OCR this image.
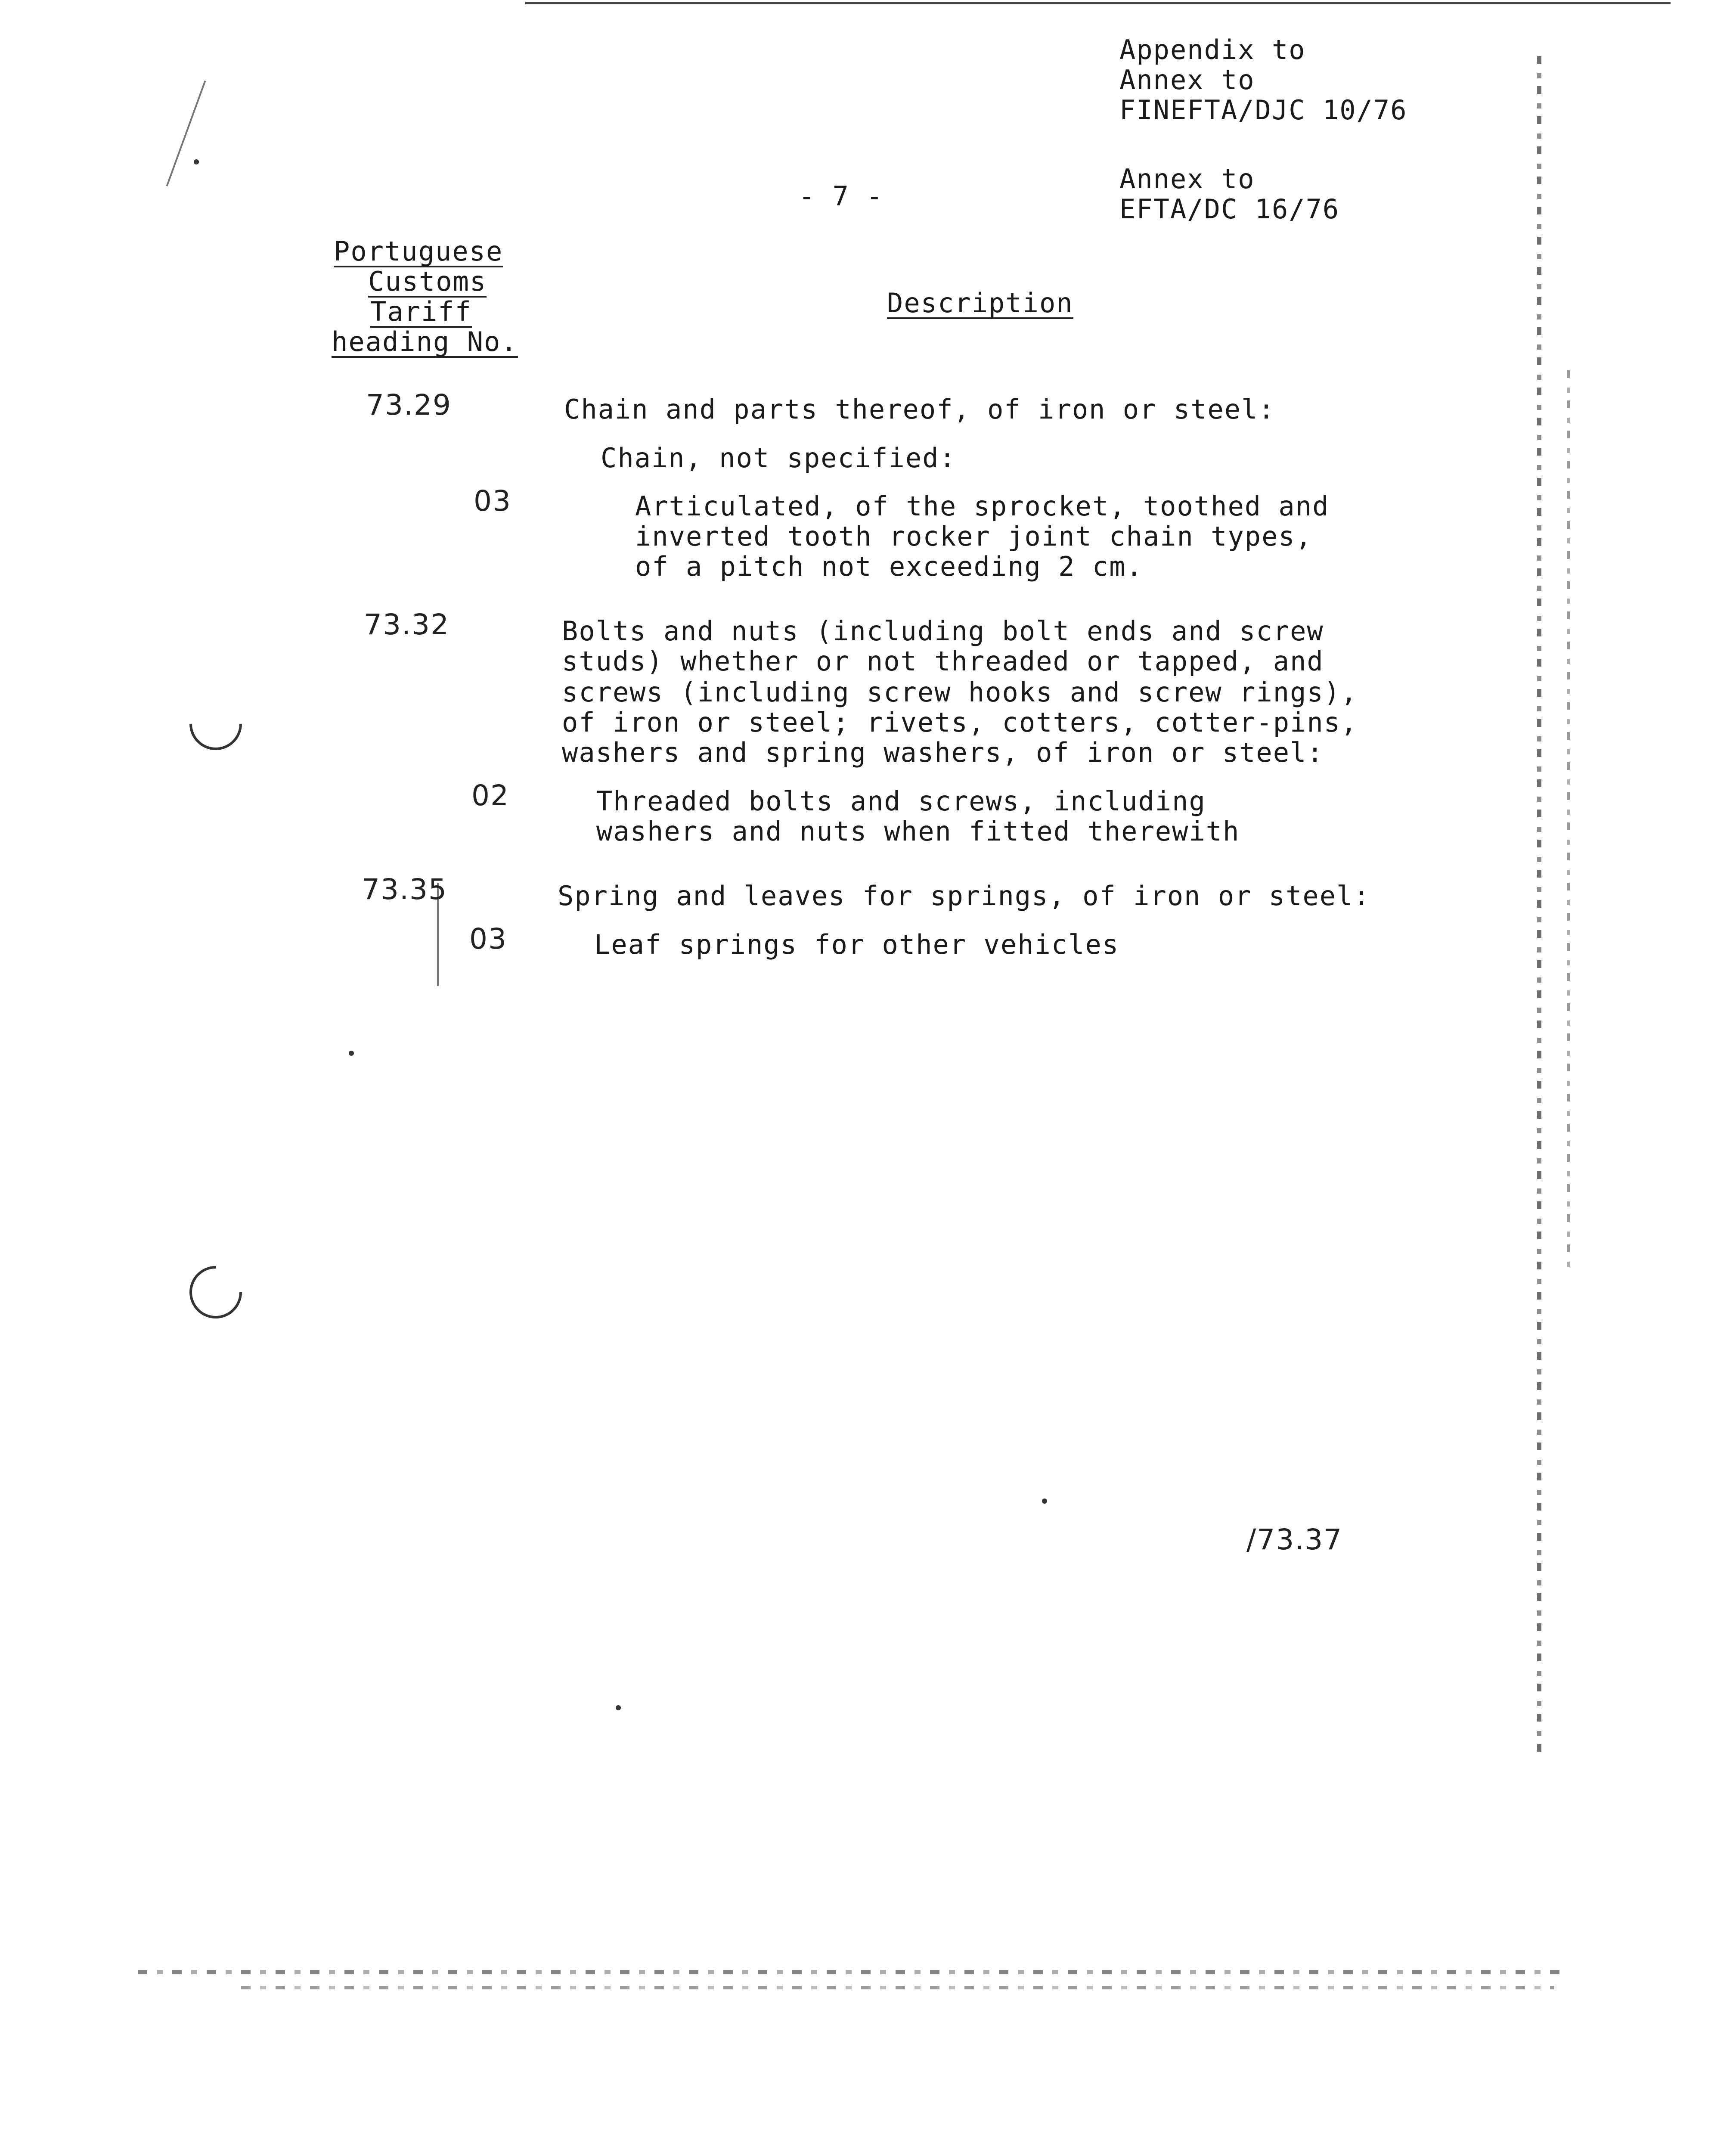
Appendix to
Annex to
FINEFTA/DJC 10/76
Annex to
EFTA/DC 16/76
- 7 -
Portuguese
Customs
Tariff
heading No.
Description
73.29	Chain and parts thereof, of iron or steel:
Chain, not specified:
03	Articulated, of the sprocket, toothed and
inverted tooth rocker joint chain types,
of a pitch not exceeding 2 cm.
73.32	Bolts and nuts (including bolt ends and screw
studs) whether or not threaded or tapped, and
screws (including screw hooks and screw rings),
of iron or steel; rivets, cotters, cotter-pins,
washers and spring washers, of iron or steel:
02	Threaded bolts and screws, including
washers and nuts when fitted therewith
73.35	Spring and leaves for springs, of iron or steel:
03	Leaf springs for other vehicles
/73.37
